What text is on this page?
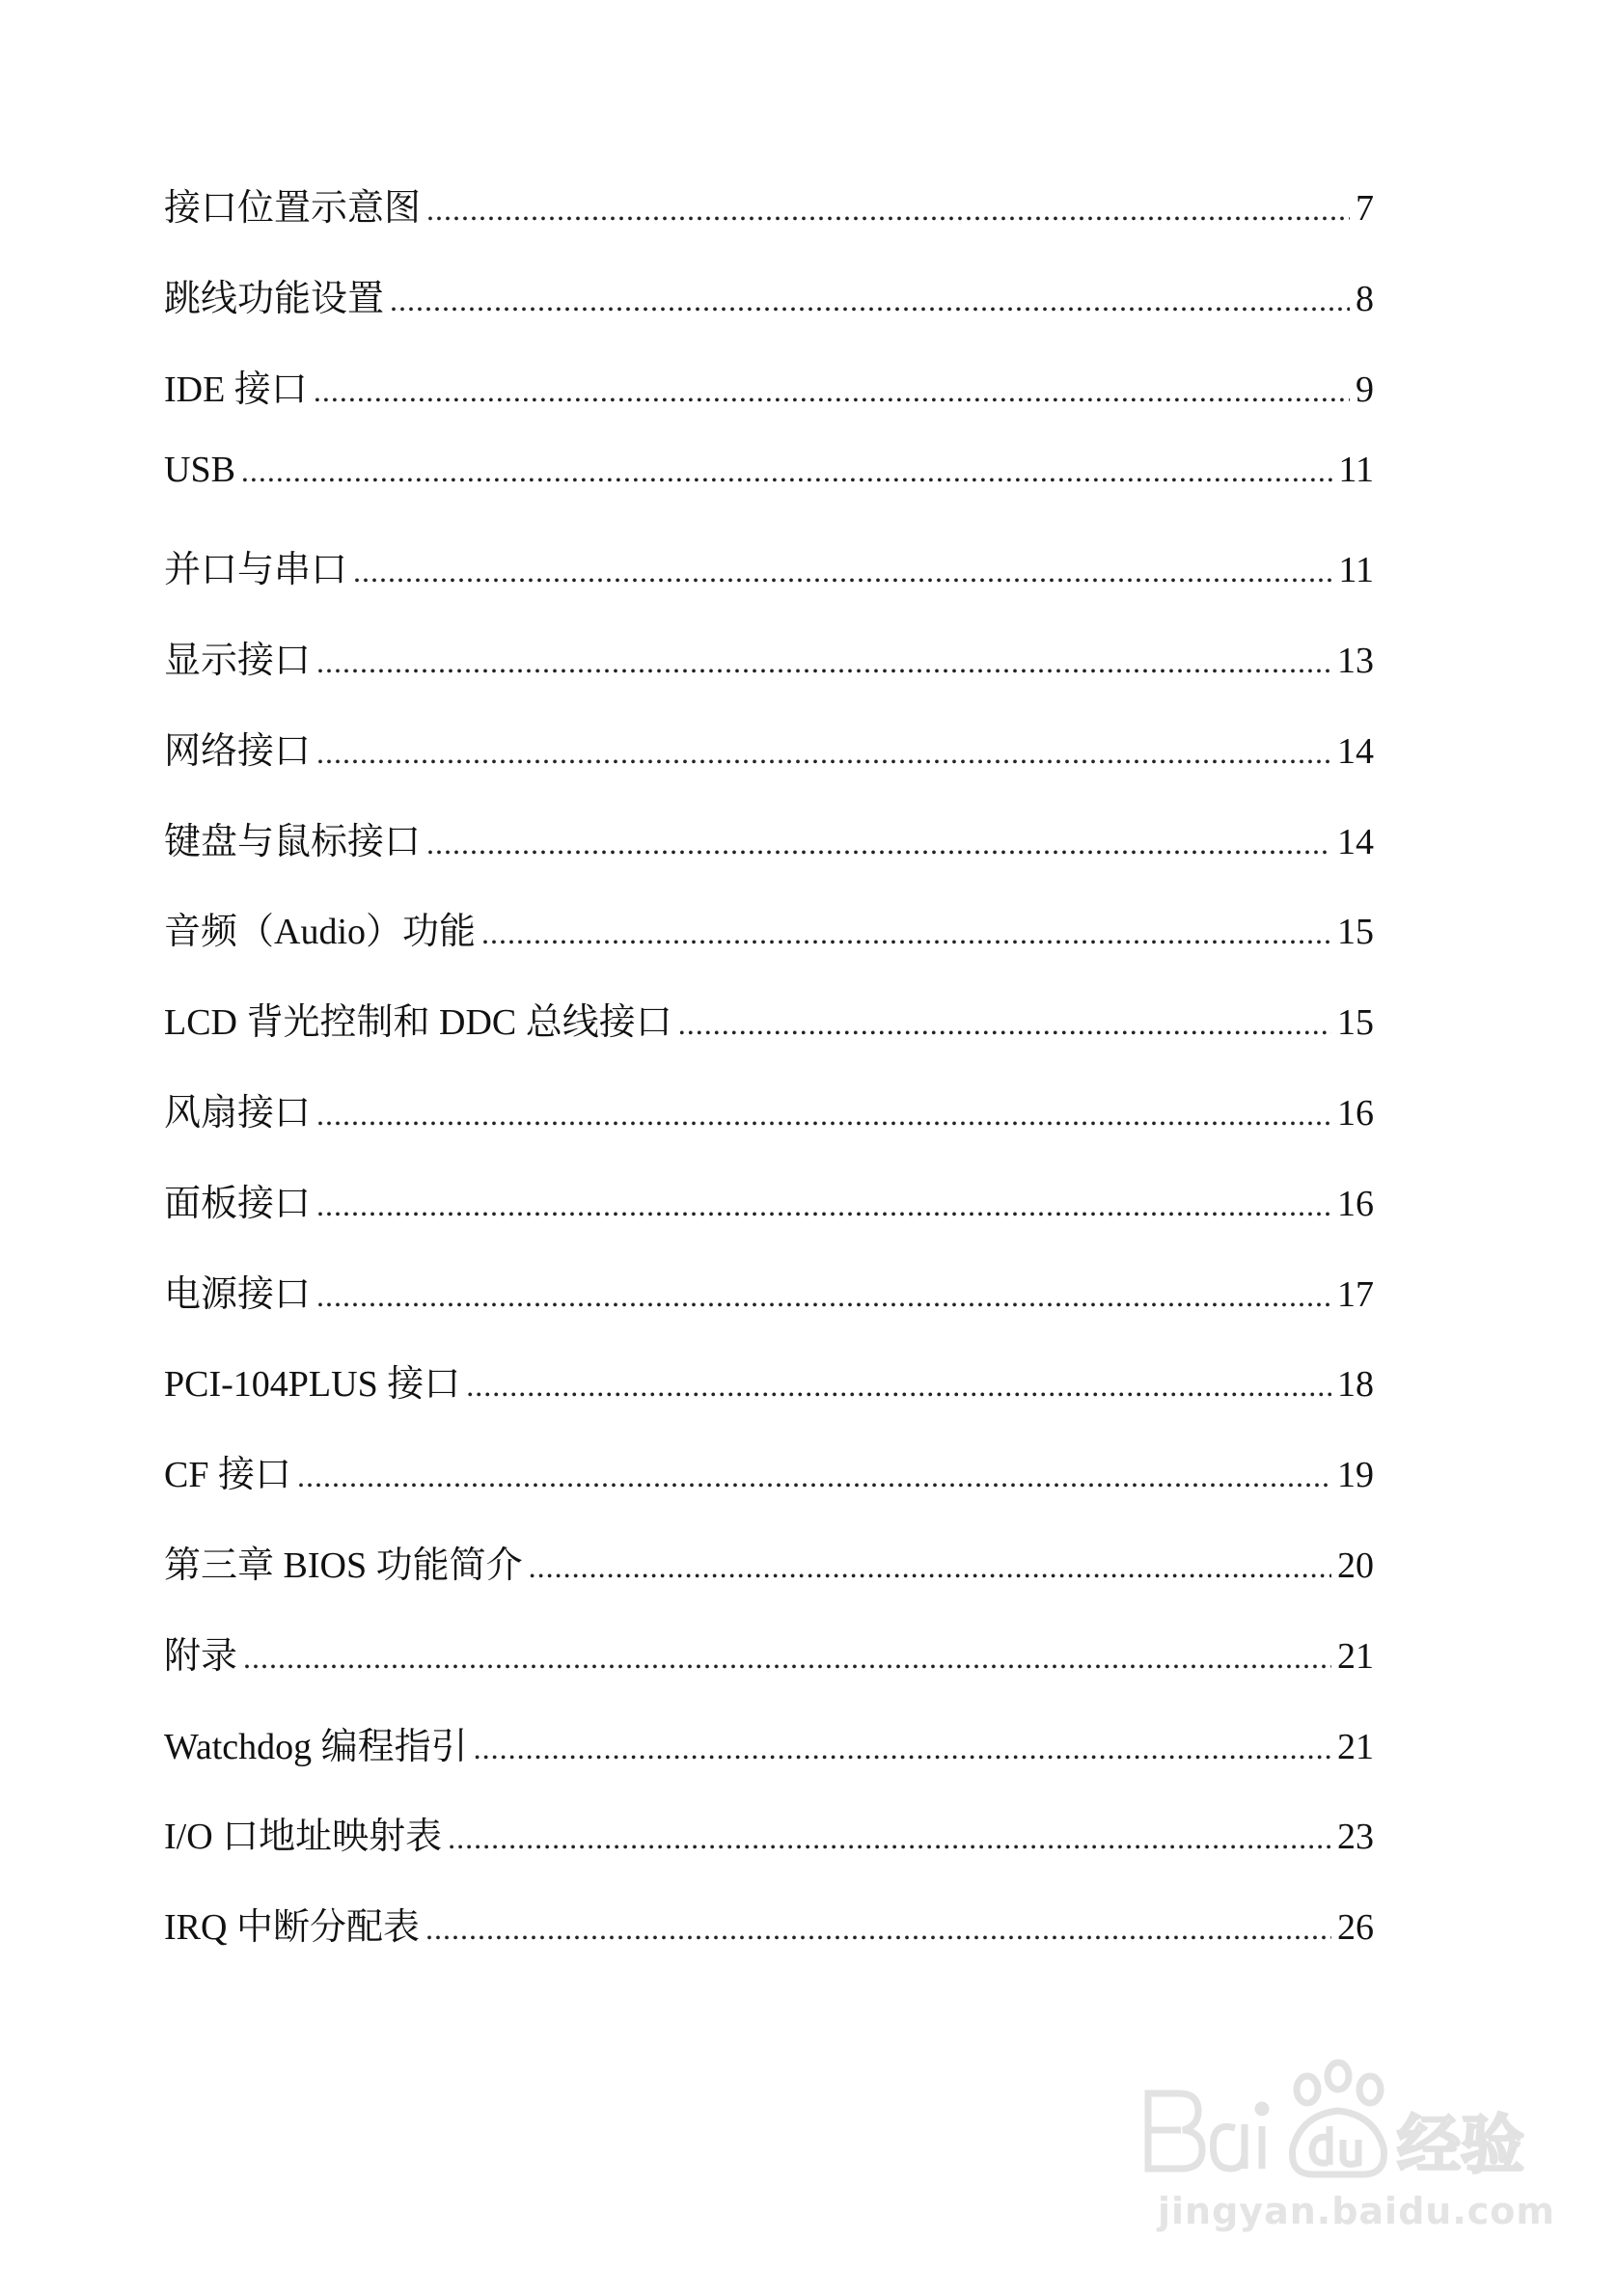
接口位置示意图 .....	7
跳线功能设置 .....	8
IDE 接口 .....	9
USB .....	11
并口与串口 .....	11
显示接口 .....	13
网络接口 .....	14
键盘与鼠标接口 .....	14
音频（Audio）功能 .....	15
LCD 背光控制和 DDC 总线接口 .....	15
风扇接口 .....	16
面板接口 .....	16
电源接口 .....	17
PCI-104PLUS 接口 .....	18
CF 接口 .....	19
第三章 BIOS 功能简介 .....	20
附录 .....	21
Watchdog 编程指引 .....	21
I/O 口地址映射表 .....	23
IRQ 中断分配表 .....	26
经验
jingyan.baidu.com
